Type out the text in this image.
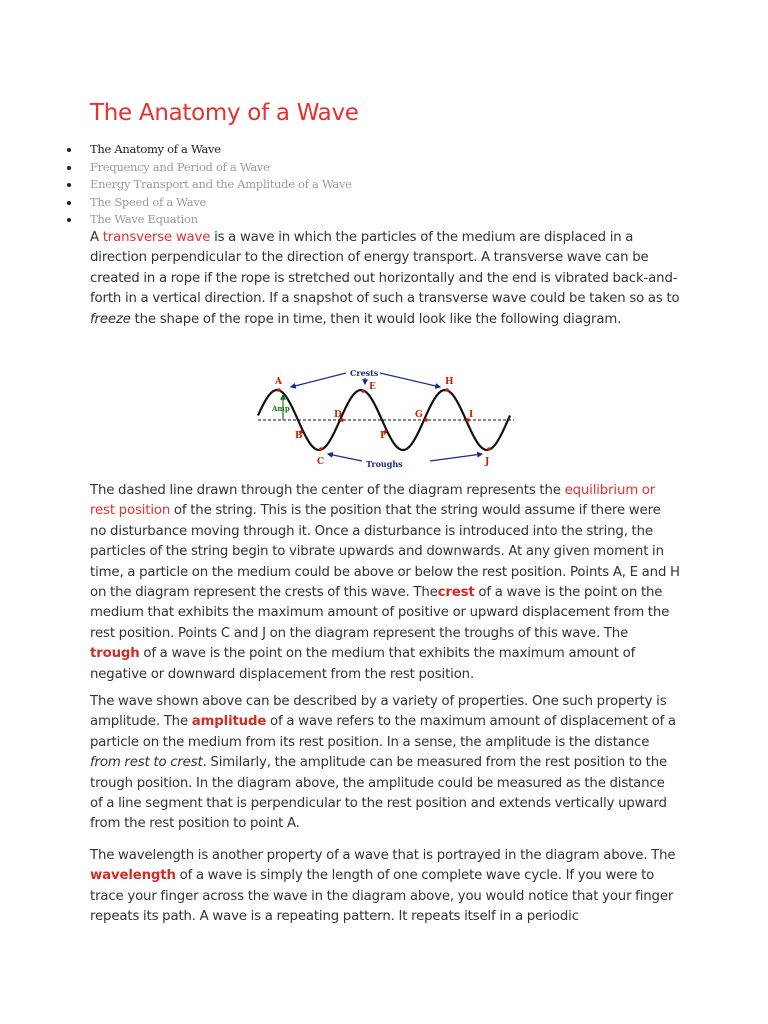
The Anatomy of a Wave
The Anatomy of a Wave
Frequency and Period of a Wave
Energy Transport and the Amplitude of a Wave
The Speed of a Wave
The Wave Equation

A transverse wave is a wave in which the particles of the medium are displaced in a direction perpendicular to the direction of energy transport. A transverse wave can be created in a rope if the rope is stretched out horizontally and the end is vibrated back-and-forth in a vertical direction. If a snapshot of such a transverse wave could be taken so as to freeze the shape of the rope in time, then it would look like the following diagram.

Amp
Crests
Troughs
A	E	H
D	G	I
B	F
C	J

The dashed line drawn through the center of the diagram represents the equilibrium or rest position of the string. This is the position that the string would assume if there were no disturbance moving through it. Once a disturbance is introduced into the string, the particles of the string begin to vibrate upwards and downwards. At any given moment in time, a particle on the medium could be above or below the rest position. Points A, E and H on the diagram represent the crests of this wave. Thecrest of a wave is the point on the medium that exhibits the maximum amount of positive or upward displacement from the rest position. Points C and J on the diagram represent the troughs of this wave. The trough of a wave is the point on the medium that exhibits the maximum amount of negative or downward displacement from the rest position.

The wave shown above can be described by a variety of properties. One such property is amplitude. The amplitude of a wave refers to the maximum amount of displacement of a particle on the medium from its rest position. In a sense, the amplitude is the distance from rest to crest. Similarly, the amplitude can be measured from the rest position to the trough position. In the diagram above, the amplitude could be measured as the distance of a line segment that is perpendicular to the rest position and extends vertically upward from the rest position to point A.

The wavelength is another property of a wave that is portrayed in the diagram above. The wavelength of a wave is simply the length of one complete wave cycle. If you were to trace your finger across the wave in the diagram above, you would notice that your finger repeats its path. A wave is a repeating pattern. It repeats itself in a periodic
